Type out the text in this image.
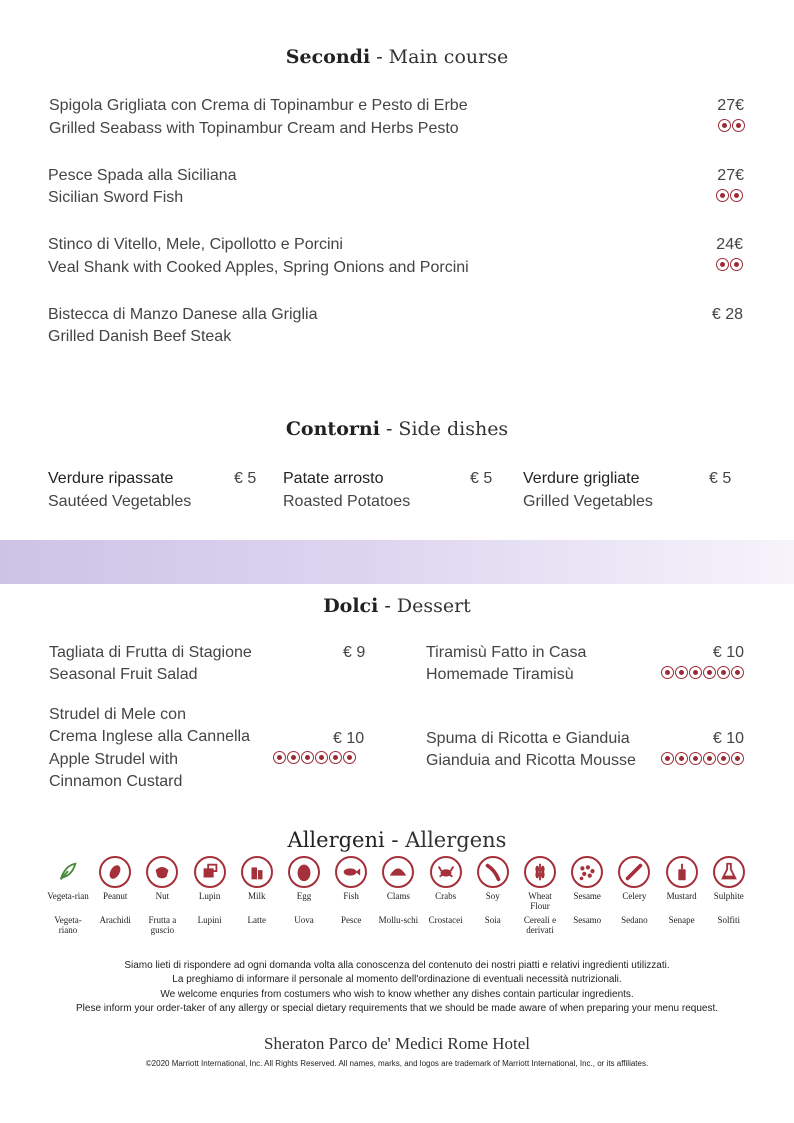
Secondi - Main course
Spigola Grigliata con Crema di Topinambur e Pesto di Erbe
Grilled Seabass with Topinambur Cream and Herbs Pesto
27€
Pesce Spada alla Siciliana
Sicilian Sword Fish
27€
Stinco di Vitello, Mele, Cipollotto e Porcini
Veal Shank with Cooked Apples, Spring Onions and Porcini
24€
Bistecca di Manzo Danese alla Griglia
Grilled Danish Beef Steak
€ 28
Contorni - Side dishes
Verdure ripassate
Sautéed Vegetables
€ 5 Patate arrosto
Roasted Potatoes
€ 5 Verdure grigliate
Grilled Vegetables
€ 5
Dolci - Dessert
Tagliata di Frutta di Stagione
Seasonal Fruit Salad
€ 9	Tiramisù Fatto in Casa
Homemade Tiramisù
€ 10
Strudel di Mele con
Crema Inglese alla Cannella
Apple Strudel with
Cinnamon Custard
€ 10	Spuma di Ricotta e Gianduia
Gianduia and Ricotta Mousse
€ 10
Allergeni - Allergens
Vegeta-rian
Vegeta-riano
Peanut
Arachidi
Nut
Frutta a guscio
Lupin
Lupini
Milk
Latte
Egg
Uova
Fish
Pesce
Clams
Mollu-schi
Crabs
Crostacei
Soy
Soia
Wheat Flour
Cereali e derivati
Sesame
Sesamo
Celery
Sedano
Mustard
Senape
Sulphite
Solfiti
Siamo lieti di rispondere ad ogni domanda volta alla conoscenza del contenuto dei nostri piatti e relativi ingredienti utilizzati.
La preghiamo di informare il personale al momento dell'ordinazione di eventuali necessità nutrizionali.
We welcome enquries from costumers who wish to know whether any dishes contain particular ingredients.
Plese inform your order-taker of any allergy or special dietary requirements that we should be made aware of when preparing your menu request.
Sheraton Parco de' Medici Rome Hotel
©2020 Marriott International, Inc. All Rights Reserved. All names, marks, and logos are trademark of Marriott International, Inc., or its affiliates.
